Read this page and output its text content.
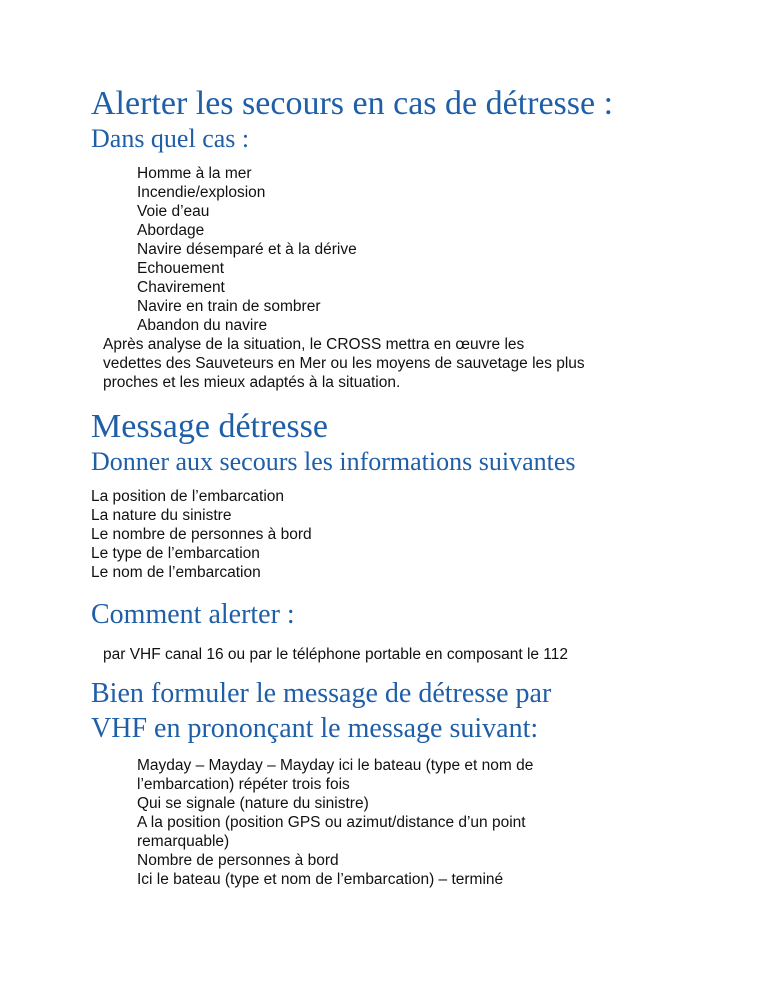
Alerter les secours en cas de détresse :
Dans quel cas :
Homme à la mer
Incendie/explosion
Voie d’eau
Abordage
Navire désemparé et à la dérive
Echouement
Chavirement
Navire en train de sombrer
Abandon du navire

Après analyse de la situation, le CROSS mettra en œuvre les
vedettes des Sauveteurs en Mer ou les moyens de sauvetage les plus
proches et les mieux adaptés à la situation.

Message détresse
Donner aux secours les informations suivantes
La position de l’embarcation
La nature du sinistre
Le nombre de personnes à bord
Le type de l’embarcation
Le nom de l’embarcation
Comment alerter :

par VHF canal 16 ou par le téléphone portable en composant le 112

Bien formuler le message de détresse par
VHF en prononçant le message suivant:

Mayday – Mayday – Mayday ici le bateau (type et nom de
l’embarcation) répéter trois fois
Qui se signale (nature du sinistre)
A la position (position GPS ou azimut/distance d’un point
remarquable)
Nombre de personnes à bord
Ici le bateau (type et nom de l’embarcation) – terminé
